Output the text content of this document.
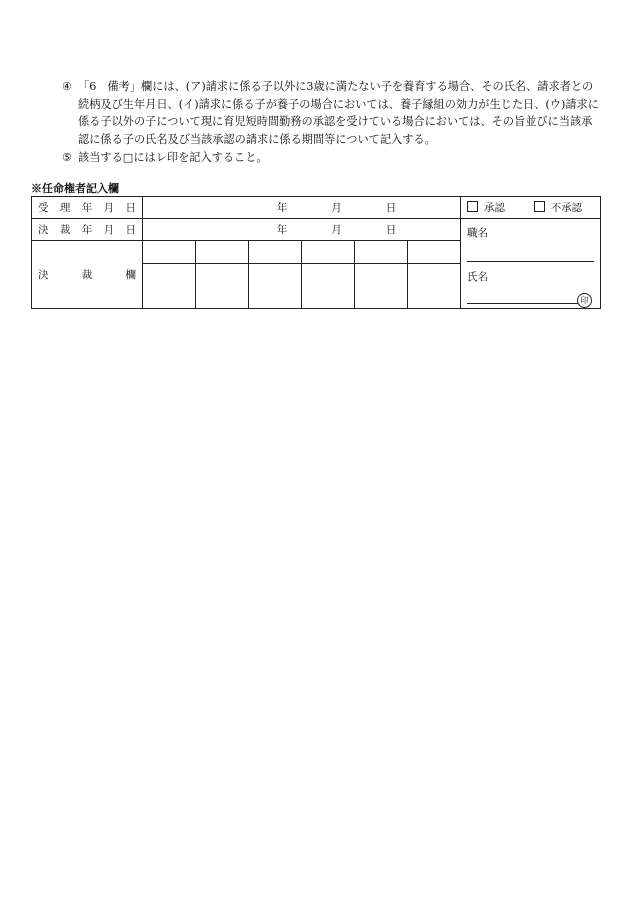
④ 「6　備考」欄には、(ア)請求に係る子以外に3歳に満たない子を養育する場合、その氏名、請求者との続柄及び生年月日、(イ)請求に係る子が養子の場合においては、養子縁組の効力が生じた日、(ウ)請求に係る子以外の子について現に育児短時間勤務の承認を受けている場合においては、その旨並びに当該承認に係る子の氏名及び当該承認の請求に係る期間等について記入する。
⑤ 該当する□にはレ印を記入すること。
※任命権者記入欄
受理年月日	年 月 日						承認 不承認
決裁年月日	年 月 日						職名
氏名
印

決裁欄							
